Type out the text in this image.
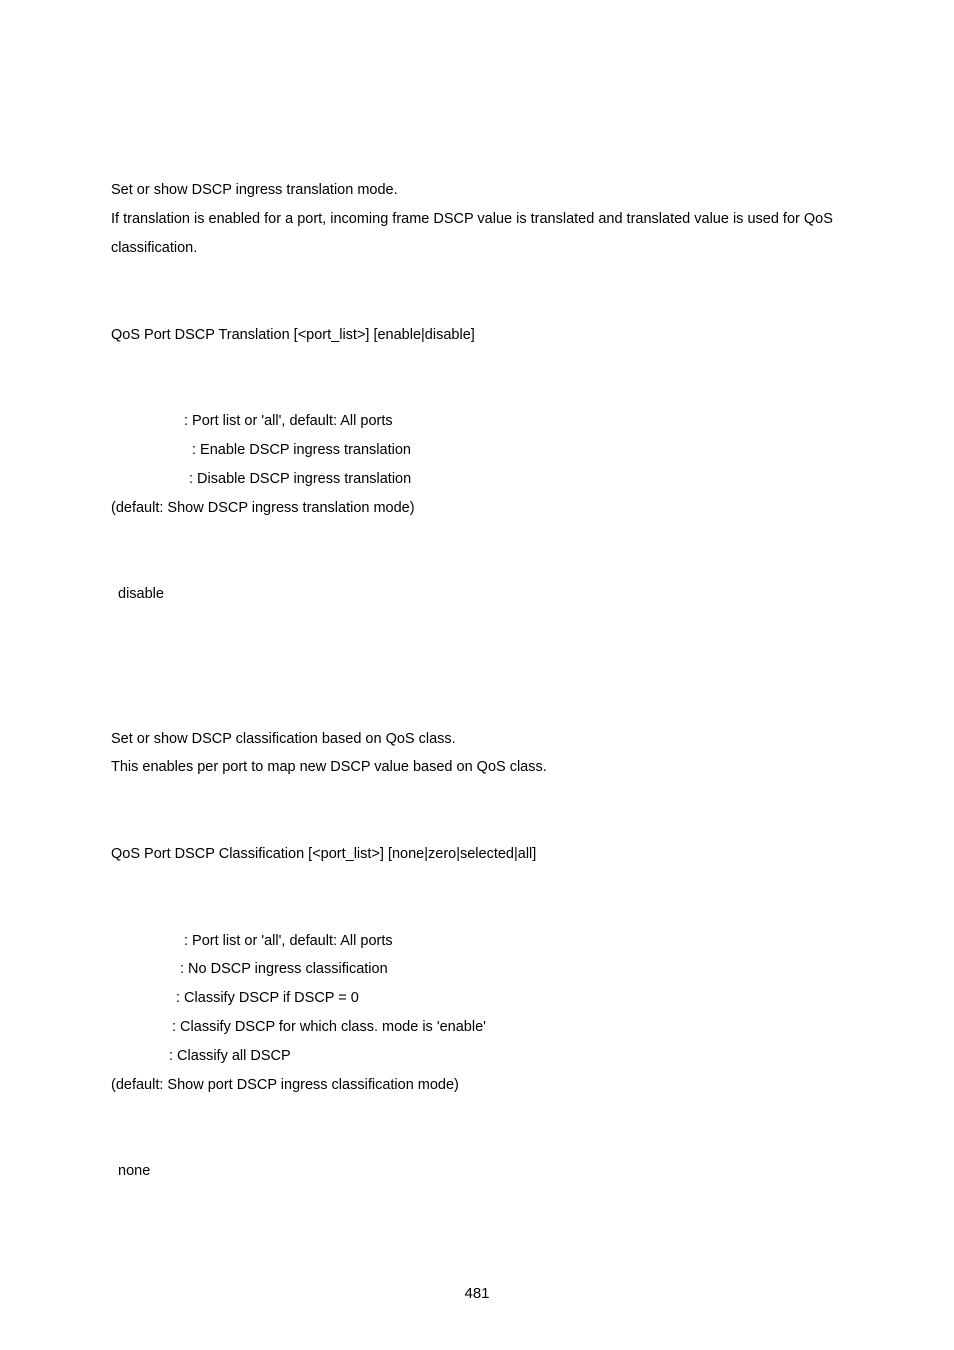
Set or show DSCP ingress translation mode.
If translation is enabled for a port, incoming frame DSCP value is translated and translated value is used for QoS
classification.
QoS Port DSCP Translation [<port_list>] [enable|disable]
: Port list or 'all', default: All ports
: Enable DSCP ingress translation
: Disable DSCP ingress translation
(default: Show DSCP ingress translation mode)
disable
Set or show DSCP classification based on QoS class.
This enables per port to map new DSCP value based on QoS class.
QoS Port DSCP Classification [<port_list>] [none|zero|selected|all]
: Port list or 'all', default: All ports
: No DSCP ingress classification
: Classify DSCP if DSCP = 0
: Classify DSCP for which class. mode is 'enable'
: Classify all DSCP
(default: Show port DSCP ingress classification mode)
none
481
